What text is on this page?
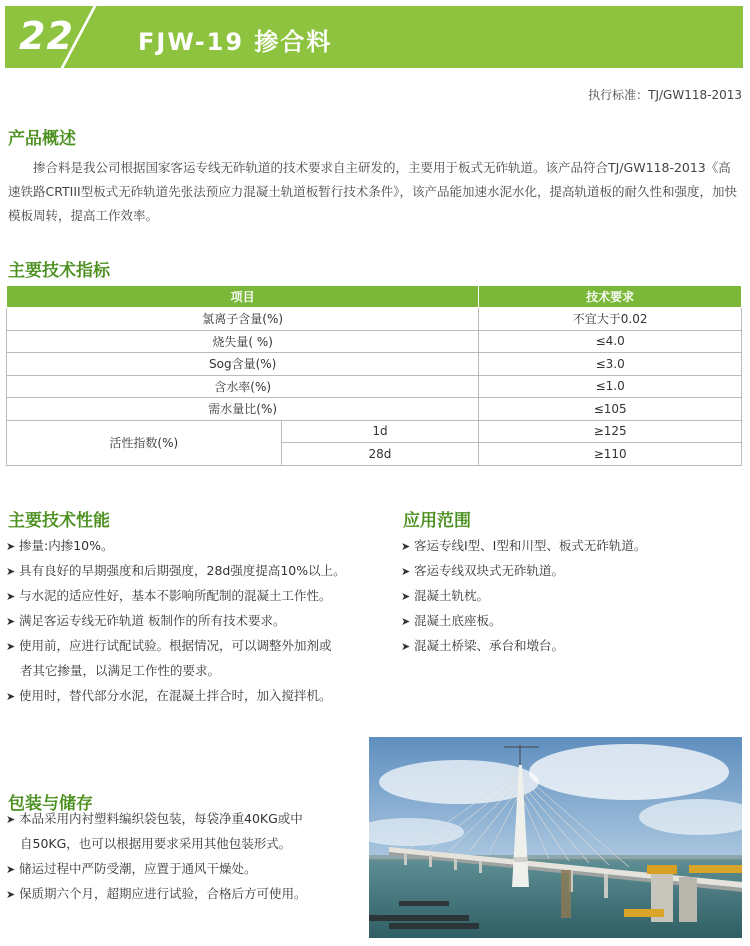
22	FJW-19 掺合料
执行标准：TJ/GW118-2013
产品概述

掺合料是我公司根据国家客运专线无砟轨道的技术要求自主研发的，主要用于板式无砟轨道。该产品符合TJ/GW118-2013《高速铁路CRTIII型板式无砟轨道先张法预应力混凝土轨道板暂行技术条件》，该产品能加速水泥水化，提高轨道板的耐久性和强度，加快模板周转，提高工作效率。

主要技术指标
项目		技术要求
氯离子含量(%)		不宜大于0.02
烧失量( %)		≤4.0
Sog含量(%)		≤3.0
含水率(%)		≤1.0
需水量比(%)		≤105
活性指数(%)	1d	≥125
	28d	≥110
主要技术性能
➤ 掺量:内掺10%。
➤ 具有良好的早期强度和后期强度，28d强度提高10%以上。
➤ 与水泥的适应性好，基本不影响所配制的混凝土工作性。
➤ 满足客运专线无砟轨道 板制作的所有技术要求。
➤ 使用前，应进行试配试验。根据情况，可以调整外加剂或
者其它掺量，以满足工作性的要求。
➤ 使用时，替代部分水泥，在混凝土拌合时，加入搅拌机。
应用范围
➤ 客运专线I型、I型和川型、板式无砟轨道。
➤ 客运专线双块式无砟轨道。
➤ 混凝土轨枕。
➤ 混凝土底座板。
➤ 混凝土桥梁、承台和墩台。
包装与储存
➤ 本品采用内衬塑料编织袋包装，每袋净重40KG或中
自50KG，也可以根据用要求采用其他包装形式。
➤ 储运过程中严防受潮，应置于通风干燥处。
➤ 保质期六个月，超期应进行试验，合格后方可使用。
